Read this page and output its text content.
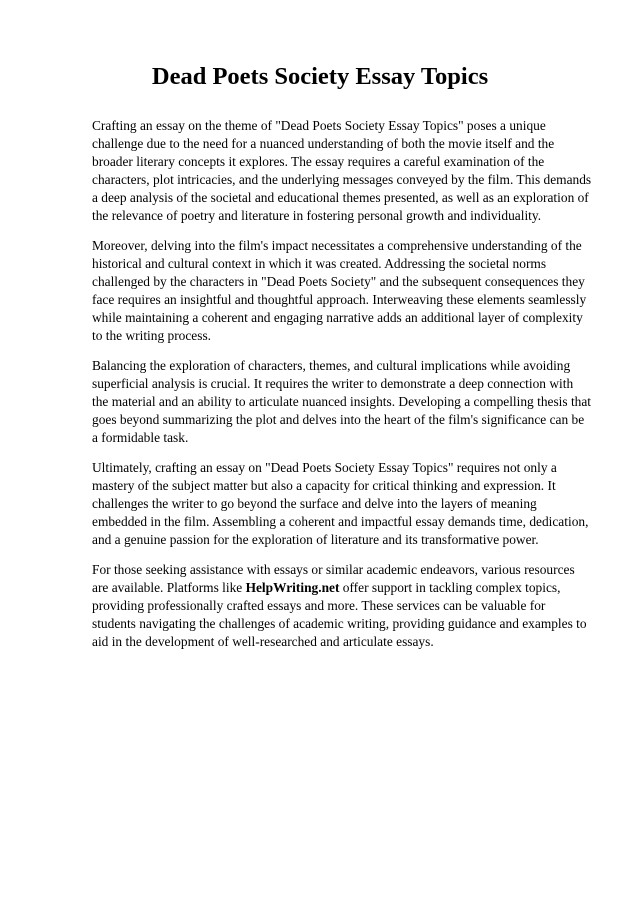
Dead Poets Society Essay Topics

Crafting an essay on the theme of "Dead Poets Society Essay Topics" poses a unique challenge due to the need for a nuanced understanding of both the movie itself and the broader literary concepts it explores. The essay requires a careful examination of the characters, plot intricacies, and the underlying messages conveyed by the film. This demands a deep analysis of the societal and educational themes presented, as well as an exploration of the relevance of poetry and literature in fostering personal growth and individuality.

Moreover, delving into the film's impact necessitates a comprehensive understanding of the historical and cultural context in which it was created. Addressing the societal norms challenged by the characters in "Dead Poets Society" and the subsequent consequences they face requires an insightful and thoughtful approach. Interweaving these elements seamlessly while maintaining a coherent and engaging narrative adds an additional layer of complexity to the writing process.

Balancing the exploration of characters, themes, and cultural implications while avoiding superficial analysis is crucial. It requires the writer to demonstrate a deep connection with the material and an ability to articulate nuanced insights. Developing a compelling thesis that goes beyond summarizing the plot and delves into the heart of the film's significance can be a formidable task.

Ultimately, crafting an essay on "Dead Poets Society Essay Topics" requires not only a mastery of the subject matter but also a capacity for critical thinking and expression. It challenges the writer to go beyond the surface and delve into the layers of meaning embedded in the film. Assembling a coherent and impactful essay demands time, dedication, and a genuine passion for the exploration of literature and its transformative power.

For those seeking assistance with essays or similar academic endeavors, various resources are available. Platforms like HelpWriting.net offer support in tackling complex topics, providing professionally crafted essays and more. These services can be valuable for students navigating the challenges of academic writing, providing guidance and examples to aid in the development of well-researched and articulate essays.
